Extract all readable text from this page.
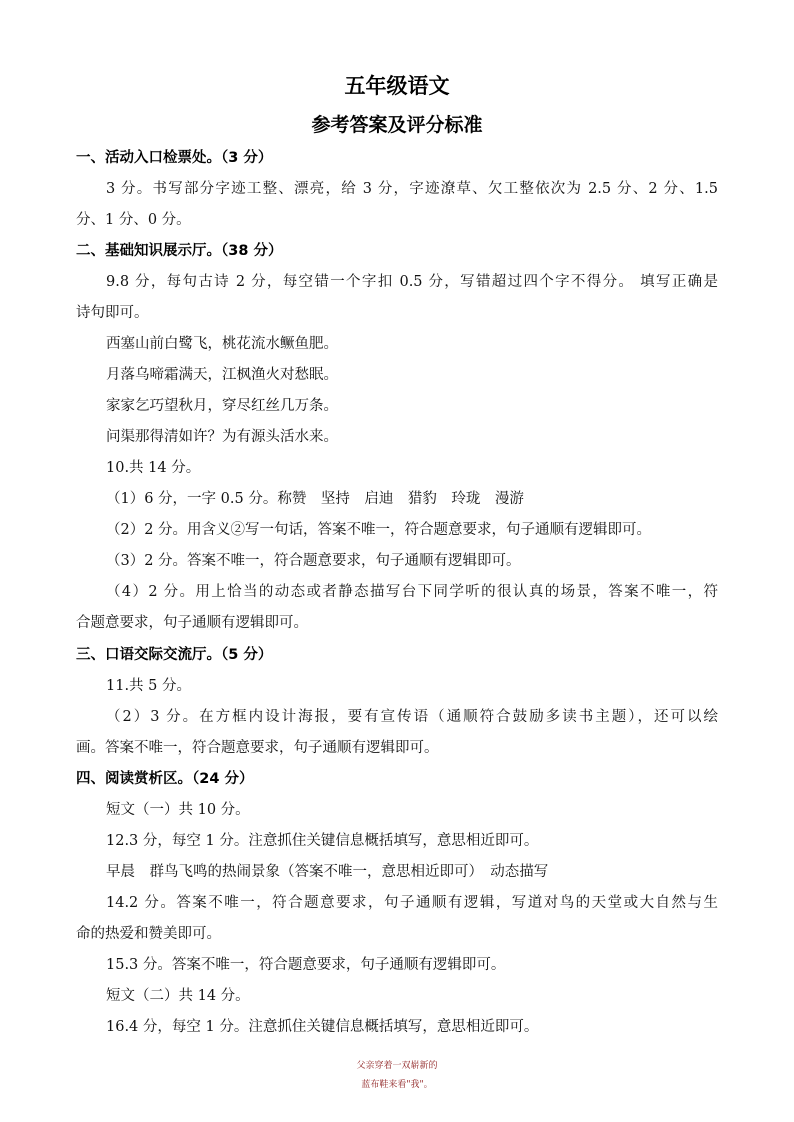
五年级语文
参考答案及评分标准
一、活动入口检票处。（3 分）
3 分。书写部分字迹工整、漂亮，给 3 分，字迹潦草、欠工整依次为 2.5 分、2 分、1.5
分、1 分、0 分。
二、基础知识展示厅。（38 分）
9.8 分，每句古诗 2 分，每空错一个字扣 0.5 分，写错超过四个字不得分。 填写正确是
诗句即可。
西塞山前白鹭飞，桃花流水鳜鱼肥。
月落乌啼霜满天，江枫渔火对愁眠。
家家乞巧望秋月，穿尽红丝几万条。
问渠那得清如许？为有源头活水来。
10.共 14 分。
（1）6 分，一字 0.5 分。称赞　坚持　启迪　猎豹　玲珑　漫游
（2）2 分。用含义②写一句话，答案不唯一，符合题意要求，句子通顺有逻辑即可。
（3）2 分。答案不唯一，符合题意要求，句子通顺有逻辑即可。
（4）2 分。用上恰当的动态或者静态描写台下同学听的很认真的场景，答案不唯一，符
合题意要求，句子通顺有逻辑即可。
三、口语交际交流厅。（5 分）
11.共 5 分。
（2）3 分。在方框内设计海报，要有宣传语（通顺符合鼓励多读书主题），还可以绘
画。答案不唯一，符合题意要求，句子通顺有逻辑即可。
四、阅读赏析区。（24 分）
短文（一）共 10 分。
12.3 分，每空 1 分。注意抓住关键信息概括填写，意思相近即可。
早晨　群鸟飞鸣的热闹景象（答案不唯一，意思相近即可）　动态描写
14.2 分。答案不唯一，符合题意要求，句子通顺有逻辑，写道对鸟的天堂或大自然与生
命的热爱和赞美即可。
15.3 分。答案不唯一，符合题意要求，句子通顺有逻辑即可。
短文（二）共 14 分。
16.4 分，每空 1 分。注意抓住关键信息概括填写，意思相近即可。
父亲穿着一双崭新的
蓝布鞋来看"我"。
